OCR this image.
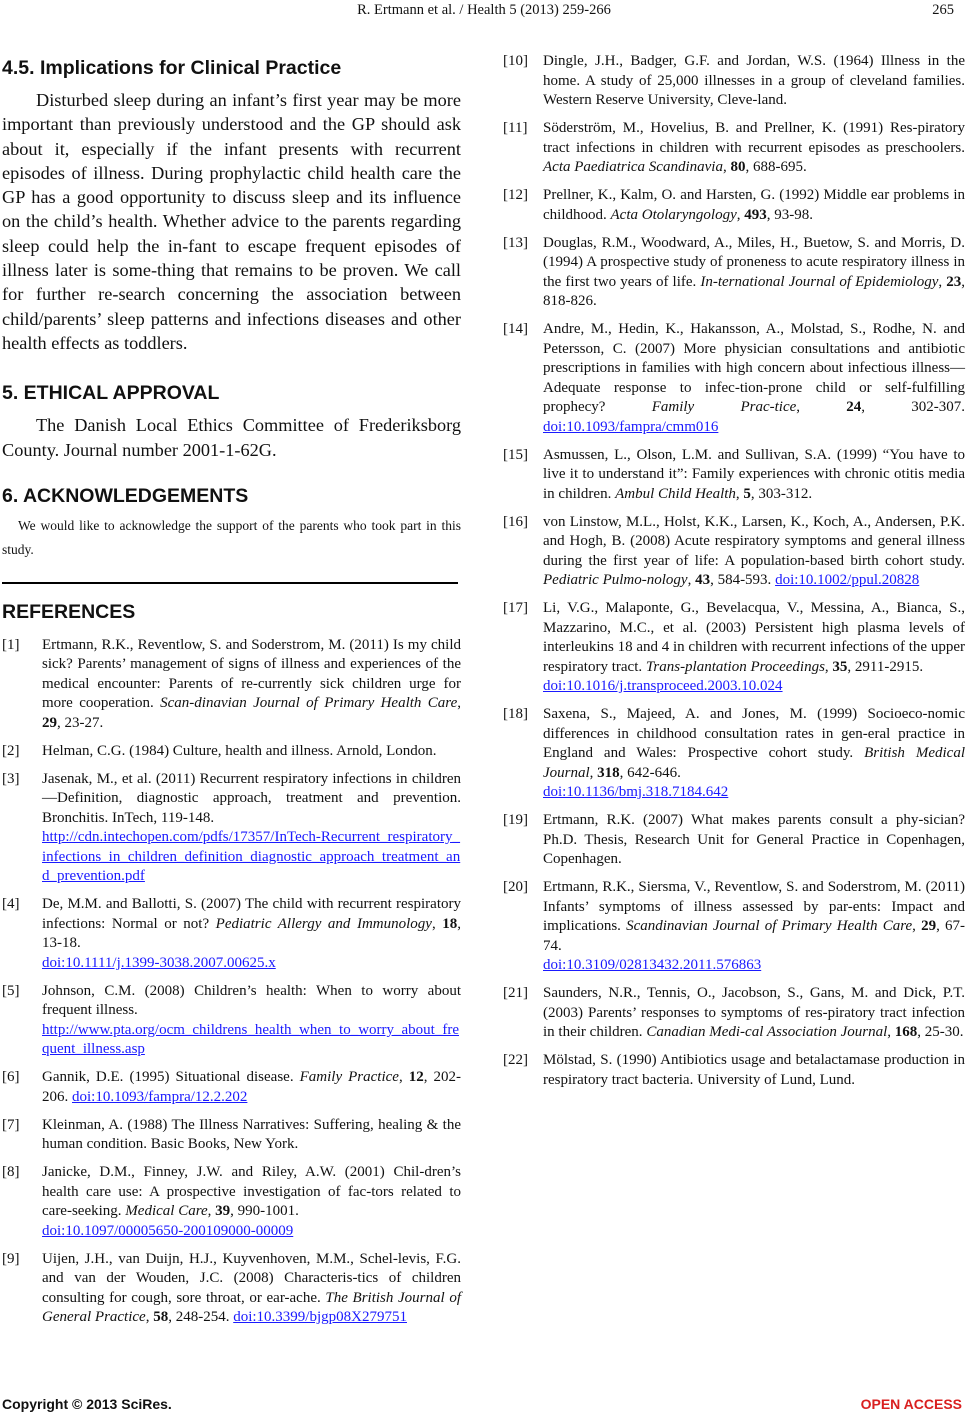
R. Ertmann et al. / Health 5 (2013) 259-266	265
4.5. Implications for Clinical Practice

Disturbed sleep during an infant’s first year may be more important than previously understood and the GP should ask about it, especially if the infant presents with recurrent episodes of illness. During prophylactic child health care the GP has a good opportunity to discuss sleep and its influence on the child’s health. Whether advice to the parents regarding sleep could help the in-fant to escape frequent episodes of illness later is some-thing that remains to be proven. We call for further re-search concerning the association between child/parents’ sleep patterns and infections diseases and other health effects as toddlers.

5. ETHICAL APPROVAL

The Danish Local Ethics Committee of Frederiksborg County. Journal number 2001-1-62G.

6. ACKNOWLEDGEMENTS

We would like to acknowledge the support of the parents who took part in this study.

REFERENCES
[1]	Ertmann, R.K., Reventlow, S. and Soderstrom, M. (2011) Is my child sick? Parents’ management of signs of illness and experiences of the medical encounter: Parents of re-currently sick children urge for more cooperation. Scan-dinavian Journal of Primary Health Care, 29, 23-27.
[2]	Helman, C.G. (1984) Culture, health and illness. Arnold, London.
[3]	Jasenak, M., et al. (2011) Recurrent respiratory infections in children—Definition, diagnostic approach, treatment and prevention. Bronchitis. InTech, 119-148.
http://cdn.intechopen.com/pdfs/17357/InTech-Recurrent_respiratory_infections_in_children_definition_diagnostic_approach_treatment_and_prevention.pdf
[4]	De, M.M. and Ballotti, S. (2007) The child with recurrent respiratory infections: Normal or not? Pediatric Allergy and Immunology, 18, 13-18.
doi:10.1111/j.1399-3038.2007.00625.x
[5]	Johnson, C.M. (2008) Children’s health: When to worry about frequent illness.
http://www.pta.org/ocm_childrens_health_when_to_worry_about_frequent_illness.asp
[6]	Gannik, D.E. (1995) Situational disease. Family Practice, 12, 202-206. doi:10.1093/fampra/12.2.202
[7]	Kleinman, A. (1988) The Illness Narratives: Suffering, healing & the human condition. Basic Books, New York.
[8]	Janicke, D.M., Finney, J.W. and Riley, A.W. (2001) Chil-dren’s health care use: A prospective investigation of fac-tors related to care-seeking. Medical Care, 39, 990-1001.
doi:10.1097/00005650-200109000-00009
[9]	Uijen, J.H., van Duijn, H.J., Kuyvenhoven, M.M., Schel-levis, F.G. and van der Wouden, J.C. (2008) Characteris-tics of children consulting for cough, sore throat, or ear-ache. The British Journal of General Practice, 58, 248-254. doi:10.3399/bjgp08X279751
[10]	Dingle, J.H., Badger, G.F. and Jordan, W.S. (1964) Illness in the home. A study of 25,000 illnesses in a group of cleveland families. Western Reserve University, Cleve-land.
[11]	Söderström, M., Hovelius, B. and Prellner, K. (1991) Res-piratory tract infections in children with recurrent episodes as preschoolers. Acta Paediatrica Scandinavia, 80, 688-695.
[12]	Prellner, K., Kalm, O. and Harsten, G. (1992) Middle ear problems in childhood. Acta Otolaryngology, 493, 93-98.
[13]	Douglas, R.M., Woodward, A., Miles, H., Buetow, S. and Morris, D. (1994) A prospective study of proneness to acute respiratory illness in the first two years of life. In-ternational Journal of Epidemiology, 23, 818-826.
[14]	Andre, M., Hedin, K., Hakansson, A., Molstad, S., Rodhe, N. and Petersson, C. (2007) More physician consultations and antibiotic prescriptions in families with high concern about infectious illness—Adequate response to infec-tion-prone child or self-fulfilling prophecy? Family Prac-tice, 24, 302-307. doi:10.1093/fampra/cmm016
[15]	Asmussen, L., Olson, L.M. and Sullivan, S.A. (1999) “You have to live it to understand it”: Family experiences with chronic otitis media in children. Ambul Child Health, 5, 303-312.
[16]	von Linstow, M.L., Holst, K.K., Larsen, K., Koch, A., Andersen, P.K. and Hogh, B. (2008) Acute respiratory symptoms and general illness during the first year of life: A population-based birth cohort study. Pediatric Pulmo-nology, 43, 584-593. doi:10.1002/ppul.20828
[17]	Li, V.G., Malaponte, G., Bevelacqua, V., Messina, A., Bianca, S., Mazzarino, M.C., et al. (2003) Persistent high plasma levels of interleukins 18 and 4 in children with recurrent infections of the upper respiratory tract. Trans-plantation Proceedings, 35, 2911-2915.
doi:10.1016/j.transproceed.2003.10.024
[18]	Saxena, S., Majeed, A. and Jones, M. (1999) Socioeco-nomic differences in childhood consultation rates in gen-eral practice in England and Wales: Prospective cohort study. British Medical Journal, 318, 642-646.
doi:10.1136/bmj.318.7184.642
[19]	Ertmann, R.K. (2007) What makes parents consult a phy-sician? Ph.D. Thesis, Research Unit for General Practice in Copenhagen, Copenhagen.
[20]	Ertmann, R.K., Siersma, V., Reventlow, S. and Soderstrom, M. (2011) Infants’ symptoms of illness assessed by par-ents: Impact and implications. Scandinavian Journal of Primary Health Care, 29, 67-74.
doi:10.3109/02813432.2011.576863
[21]	Saunders, N.R., Tennis, O., Jacobson, S., Gans, M. and Dick, P.T. (2003) Parents’ responses to symptoms of res-piratory tract infection in their children. Canadian Medi-cal Association Journal, 168, 25-30.
[22]	Mölstad, S. (1990) Antibiotics usage and betalactamase production in respiratory tract bacteria. University of Lund, Lund.
Copyright © 2013 SciRes.	OPEN ACCESS
